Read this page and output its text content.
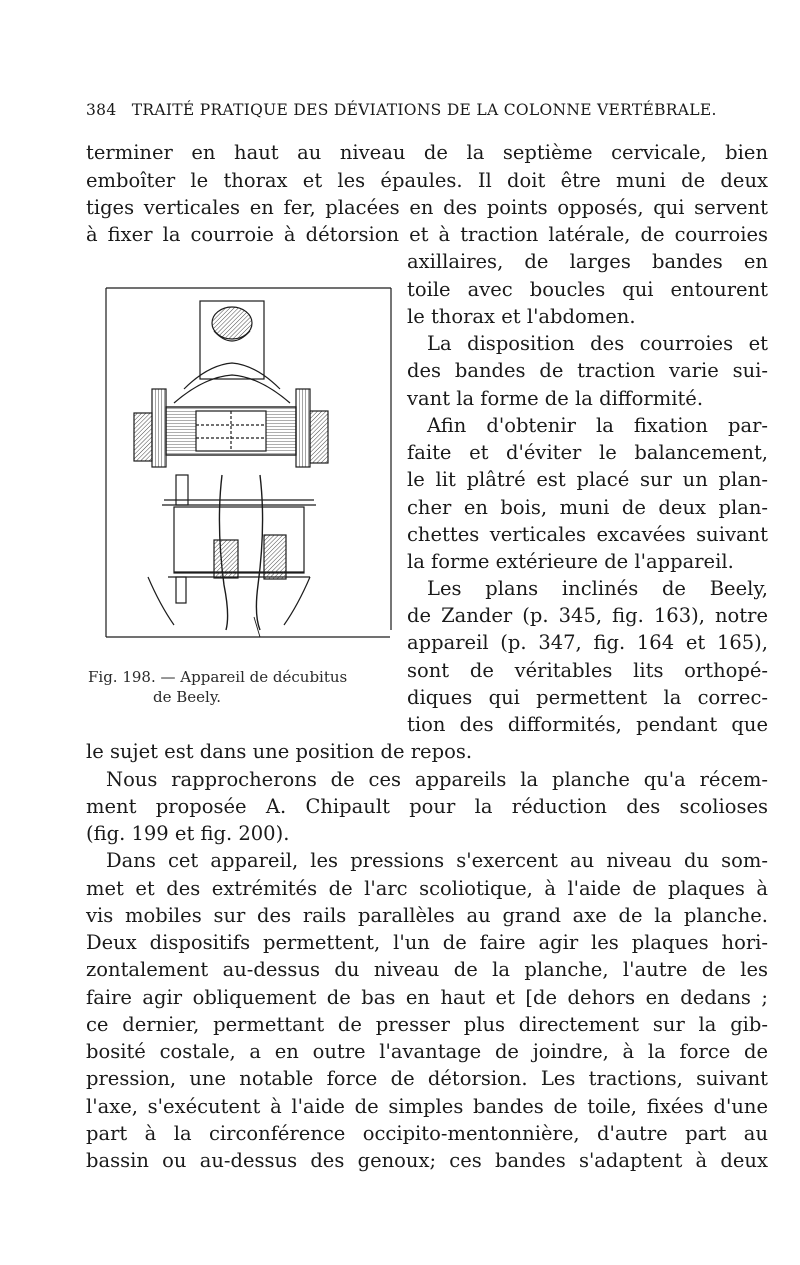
384 TRAITÉ PRATIQUE DES DÉVIATIONS DE LA COLONNE VERTÉBRALE.
terminer en haut au niveau de la septième cervicale, bien
emboîter le thorax et les épaules. Il doit être muni de deux
tiges verticales en fer, placées en des points opposés, qui servent
à fixer la courroie à détorsion et à traction latérale, de courroies
axillaires, de larges bandes en
toile avec boucles qui entourent
le thorax et l'abdomen.
La disposition des courroies et
des bandes de traction varie sui-
vant la forme de la difformité.
Afin d'obtenir la fixation par-
faite et d'éviter le balancement,
le lit plâtré est placé sur un plan-
cher en bois, muni de deux plan-
chettes verticales excavées suivant
la forme extérieure de l'appareil.
Les plans inclinés de Beely,
de Zander (p. 345, fig. 163), notre
appareil (p. 347, fig. 164 et 165),
sont de véritables lits orthopé-
diques qui permettent la correc-
tion des difformités, pendant que
le sujet est dans une position de repos.
Nous rapprocherons de ces appareils la planche qu'a récem-
ment proposée A. Chipault pour la réduction des scolioses
(fig. 199 et fig. 200).
Dans cet appareil, les pressions s'exercent au niveau du som-
met et des extrémités de l'arc scoliotique, à l'aide de plaques à
vis mobiles sur des rails parallèles au grand axe de la planche.
Deux dispositifs permettent, l'un de faire agir les plaques hori-
zontalement au-dessus du niveau de la planche, l'autre de les
faire agir obliquement de bas en haut et [de dehors en dedans ;
ce dernier, permettant de presser plus directement sur la gib-
bosité costale, a en outre l'avantage de joindre, à la force de
pression, une notable force de détorsion. Les tractions, suivant
l'axe, s'exécutent à l'aide de simples bandes de toile, fixées d'une
part à la circonférence occipito-mentonnière, d'autre part au
bassin ou au-dessus des genoux; ces bandes s'adaptent à deux
Fig. 198. — Appareil de décubitus
de Beely.
